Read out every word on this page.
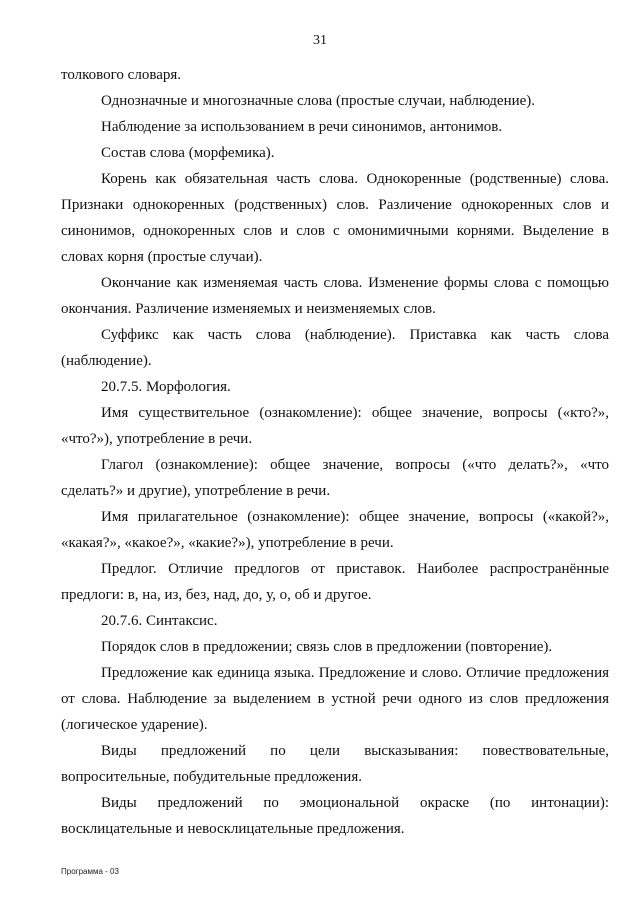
31

толкового словаря.

Однозначные и многозначные слова (простые случаи, наблюдение).

Наблюдение за использованием в речи синонимов, антонимов.

Состав слова (морфемика).

Корень как обязательная часть слова. Однокоренные (родственные) слова. Признаки однокоренных (родственных) слов. Различение однокоренных слов и синонимов, однокоренных слов и слов с омонимичными корнями. Выделение в словах корня (простые случаи).

Окончание как изменяемая часть слова. Изменение формы слова с помощью окончания. Различение изменяемых и неизменяемых слов.

Суффикс как часть слова (наблюдение). Приставка как часть слова (наблюдение).

20.7.5. Морфология.

Имя существительное (ознакомление): общее значение, вопросы («кто?», «что?»), употребление в речи.

Глагол (ознакомление): общее значение, вопросы («что делать?», «что сделать?» и другие), употребление в речи.

Имя прилагательное (ознакомление): общее значение, вопросы («какой?», «какая?», «какое?», «какие?»), употребление в речи.

Предлог. Отличие предлогов от приставок. Наиболее распространённые предлоги: в, на, из, без, над, до, у, о, об и другое.

20.7.6. Синтаксис.

Порядок слов в предложении; связь слов в предложении (повторение).

Предложение как единица языка. Предложение и слово. Отличие предложения от слова. Наблюдение за выделением в устной речи одного из слов предложения (логическое ударение).

Виды предложений по цели высказывания: повествовательные, вопросительные, побудительные предложения.

Виды предложений по эмоциональной окраске (по интонации): восклицательные и невосклицательные предложения.

Программа - 03
